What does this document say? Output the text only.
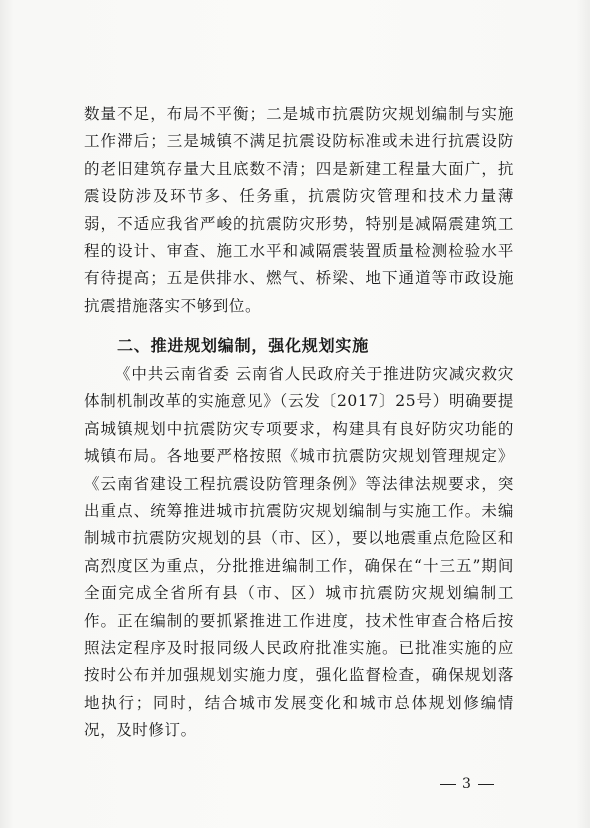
数量不足，布局不平衡；二是城市抗震防灾规划编制与实施工作滞后；三是城镇不满足抗震设防标准或未进行抗震设防的老旧建筑存量大且底数不清；四是新建工程量大面广，抗震设防涉及环节多、任务重，抗震防灾管理和技术力量薄弱，不适应我省严峻的抗震防灾形势，特别是减隔震建筑工程的设计、审查、施工水平和减隔震装置质量检测检验水平有待提高；五是供排水、燃气、桥梁、地下通道等市政设施抗震措施落实不够到位。

二、推进规划编制，强化规划实施

《中共云南省委 云南省人民政府关于推进防灾减灾救灾体制机制改革的实施意见》（云发〔2017〕25号）明确要提高城镇规划中抗震防灾专项要求，构建具有良好防灾功能的城镇布局。各地要严格按照《城市抗震防灾规划管理规定》《云南省建设工程抗震设防管理条例》等法律法规要求，突出重点、统筹推进城市抗震防灾规划编制与实施工作。未编制城市抗震防灾规划的县（市、区），要以地震重点危险区和高烈度区为重点，分批推进编制工作，确保在“十三五”期间全面完成全省所有县（市、区）城市抗震防灾规划编制工作。正在编制的要抓紧推进工作进度，技术性审查合格后按照法定程序及时报同级人民政府批准实施。已批准实施的应按时公布并加强规划实施力度，强化监督检查，确保规划落地执行；同时，结合城市发展变化和城市总体规划修编情况，及时修订。

3
